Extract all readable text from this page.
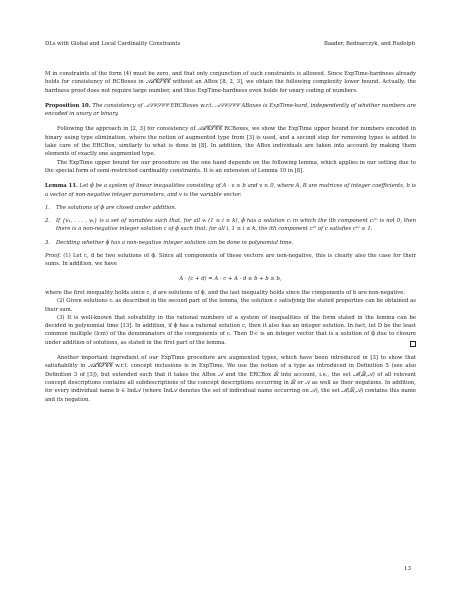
DLs with Global and Local Cardinality Constraints	Baader, Bednarczyk, and Rudolph

M in constraints of the form (4) must be zero, and that only conjunction of such constraints is allowed. Since ExpTime-hardness already holds for consistency of RCBoxes in 𝒜ℒ𝒞𝒮𝒞𝒞 without an ABox [8, 2, 3], we obtain the following complexity lower bound. Actually, the hardness proof does not require large number, and thus ExpTime-hardness even holds for unary coding of numbers.

Proposition 10. The consistency of 𝒜ℒ𝒞𝒮𝒞𝒞 ERCBoxes w.r.t. 𝒜ℒ𝒞𝒮𝒞𝒞 ABoxes is ExpTime-hard, independently of whether numbers are encoded in unary or binary.

Following the approach in [2, 3] for consistency of 𝒜ℒ𝒞𝒮𝒞𝒞 RCBoxes, we show the ExpTime upper bound for numbers encoded in binary using type elimination, where the notion of augmented type from [3] is used, and a second step for removing types is added to take care of the ERCBox, similarly to what is done in [8]. In addition, the ABox individuals are taken into account by making them elements of exactly one augmented type.

The ExpTime upper bound for our procedure on the one hand depends on the following lemma, which applies in our setting due to the special form of semi-restricted cardinality constraints. It is an extension of Lemma 10 in [8].

Lemma 11. Let ϕ be a system of linear inequalities consisting of A · v ≥ b and v ≥ 0, where A, B are matrices of integer coefficients, b is a vector of non-negative integer parameters, and v is the variable vector.

1.	The solutions of ϕ are closed under addition.
2.	If {v₁, . . . , vₖ} is a set of variables such that, for all vᵢ (1 ≤ i ≤ k), ϕ has a solution cᵢ in which the ith component cᵢ⁽ⁱ⁾ is not 0, then there is a non-negative integer solution c of ϕ such that, for all i, 1 ≤ i ≤ k, the ith component c⁽ⁱ⁾ of c satisfies c⁽ⁱ⁾ ≥ 1.
3.	Deciding whether ϕ has a non-negative integer solution can be done in polynomial time.

Proof. (1) Let c, d be two solutions of ϕ. Since all components of these vectors are non-negative, this is clearly also the case for their sums. In addition, we have

A · (c + d) = A · c + A · d ≥ b + b ≥ b,

where the first inequality holds since c, d are solutions of ϕ, and the last inequality holds since the components of b are non-negative.

(2) Given solutions cᵢ as described in the second part of the lemma, the solution c satisfying the stated properties can be obtained as their sum.

(3) It is well-known that solvability in the rational numbers of a system of inequalities of the form stated in the lemma can be decided in polynomial time [13]. In addition, if ϕ has a rational solution c, then it also has an integer solution. In fact, let D be the least common multiple (lcm) of the denominators of the components of c. Then D·c is an integer vector that is a solution of ϕ due to closure under addition of solutions, as stated in the first part of the lemma.

Another important ingredient of our ExpTime procedure are augmented types, which have been introduced in [3] to show that satisfiability in 𝒜ℒ𝒞𝒮𝒞𝒞 w.r.t. concept inclusions is in ExpTime. We use the notion of a type as introduced in Definition 5 (see also Definition 3 of [3]), but extended such that it takes the ABox 𝒜 and the ERCBox ℛ into account, i.e., the set ℳ(ℛ,𝒜) of all relevant concept descriptions contains all subdescriptions of the concept descriptions occurring in ℛ or 𝒜 as well as their negations. In addition, for every individual name b ∈ Ind𝒜 (where Ind𝒜 denotes the set of individual name occurring on 𝒜), the set ℳ(ℛ,𝒜) contains this name and its negation.

13
